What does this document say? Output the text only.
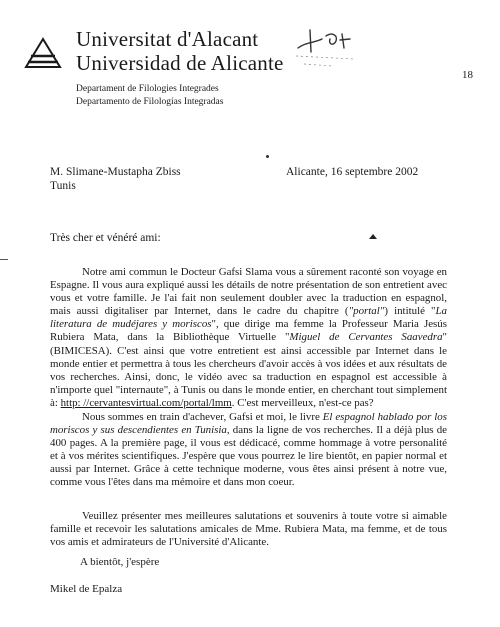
Universitat d'Alacant
Universidad de Alicante
Departament de Filologies Integrades
Departamento de Filologías Integradas
18
M. Slimane-Mustapha Zbiss
Tunis
Alicante, 16 septembre 2002
Très cher et vénéré ami:
Notre ami commun le Docteur Gafsi Slama vous a sûrement raconté son voyage en Espagne. Il vous aura expliqué aussi les détails de notre présentation de son entretient avec vous et votre famille. Je l'ai fait non seulement doubler avec la traduction en espagnol, mais aussi digitaliser par Internet, dans le cadre du chapitre ("portal") intitulé "La literatura de mudéjares y moriscos", que dirige ma femme la Professeur Maria Jesús Rubiera Mata, dans la Bibliothèque Virtuelle "Miguel de Cervantes Saavedra" (BIMICESA). C'est ainsi que votre entretient est ainsi accessible par Internet dans le monde entier et permettra à tous les chercheurs d'avoir accès à vos idées et aux résultats de vos recherches. Ainsi, donc, le vidéo avec sa traduction en espagnol est accessible à n'importe quel "internaute", à Tunis ou dans le monde entier, en cherchant tout simplement à: http: //cervantesvirtual.com/portal/lmm. C'est merveilleux, n'est-ce pas?
Nous sommes en train d'achever, Gafsi et moi, le livre El espagnol hablado por los moriscos y sus descendientes en Tunisia, dans la ligne de vos recherches. Il a déjà plus de 400 pages. A la première page, il vous est dédicacé, comme hommage à votre personalité et à vos mérites scientifiques. J'espère que vous pourrez le lire bientôt, en papier normal et aussi par Internet. Grâce à cette technique moderne, vous êtes ainsi présent à notre vue, comme vous l'êtes dans ma mémoire et dans mon coeur.
Veuillez présenter mes meilleures salutations et souvenirs à toute votre si aimable famille et recevoir les salutations amicales de Mme. Rubiera Mata, ma femme, et de tous vos amis et admirateurs de l'Université d'Alicante.
A bientôt, j'espère
Mikel de Epalza
